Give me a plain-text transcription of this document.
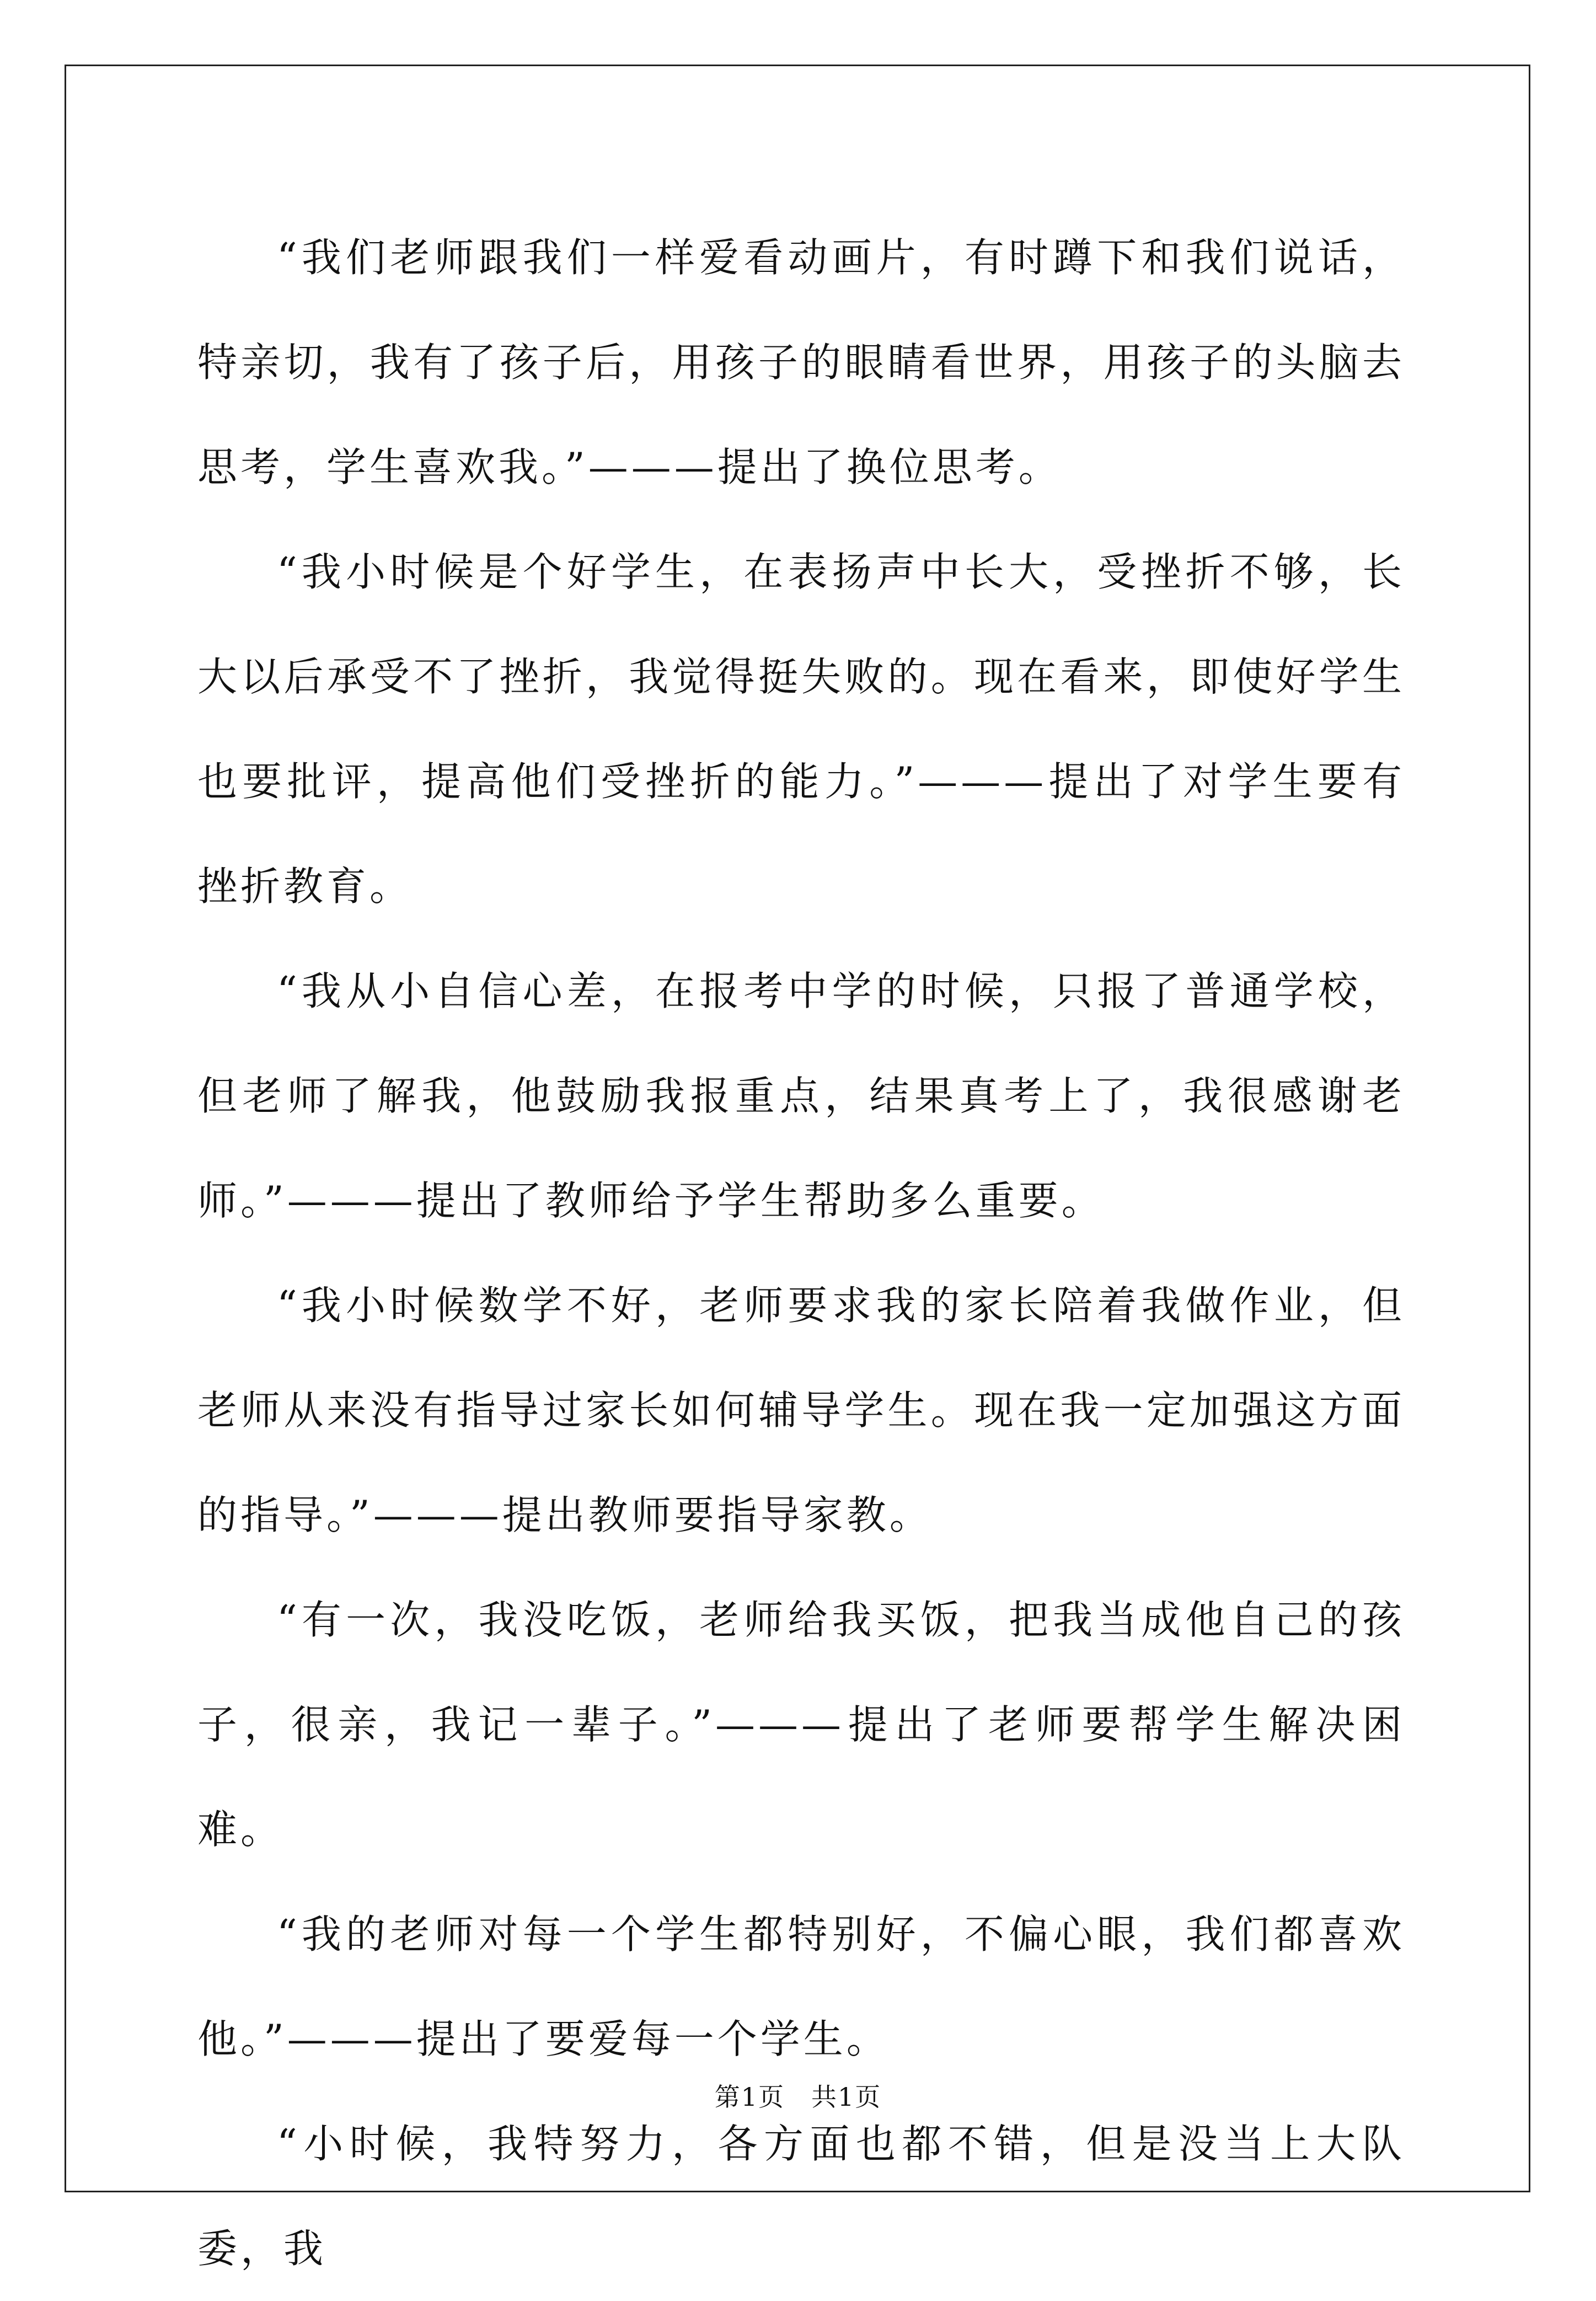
“我们老师跟我们一样爱看动画片，有时蹲下和我们说话，特亲切，我有了孩子后，用孩子的眼睛看世界，用孩子的头脑去思考，学生喜欢我。”———提出了换位思考。

“我小时候是个好学生，在表扬声中长大，受挫折不够，长大以后承受不了挫折，我觉得挺失败的。现在看来，即使好学生也要批评，提高他们受挫折的能力。”———提出了对学生要有挫折教育。

“我从小自信心差，在报考中学的时候，只报了普通学校，但老师了解我，他鼓励我报重点，结果真考上了，我很感谢老师。”———提出了教师给予学生帮助多么重要。

“我小时候数学不好，老师要求我的家长陪着我做作业，但老师从来没有指导过家长如何辅导学生。现在我一定加强这方面的指导。”———提出教师要指导家教。

“有一次，我没吃饭，老师给我买饭，把我当成他自己的孩子，很亲，我记一辈子。”———提出了老师要帮学生解决困难。

“我的老师对每一个学生都特别好，不偏心眼，我们都喜欢他。”———提出了要爱每一个学生。

“小时候，我特努力，各方面也都不错，但是没当上大队委，我

第1页　共1页
